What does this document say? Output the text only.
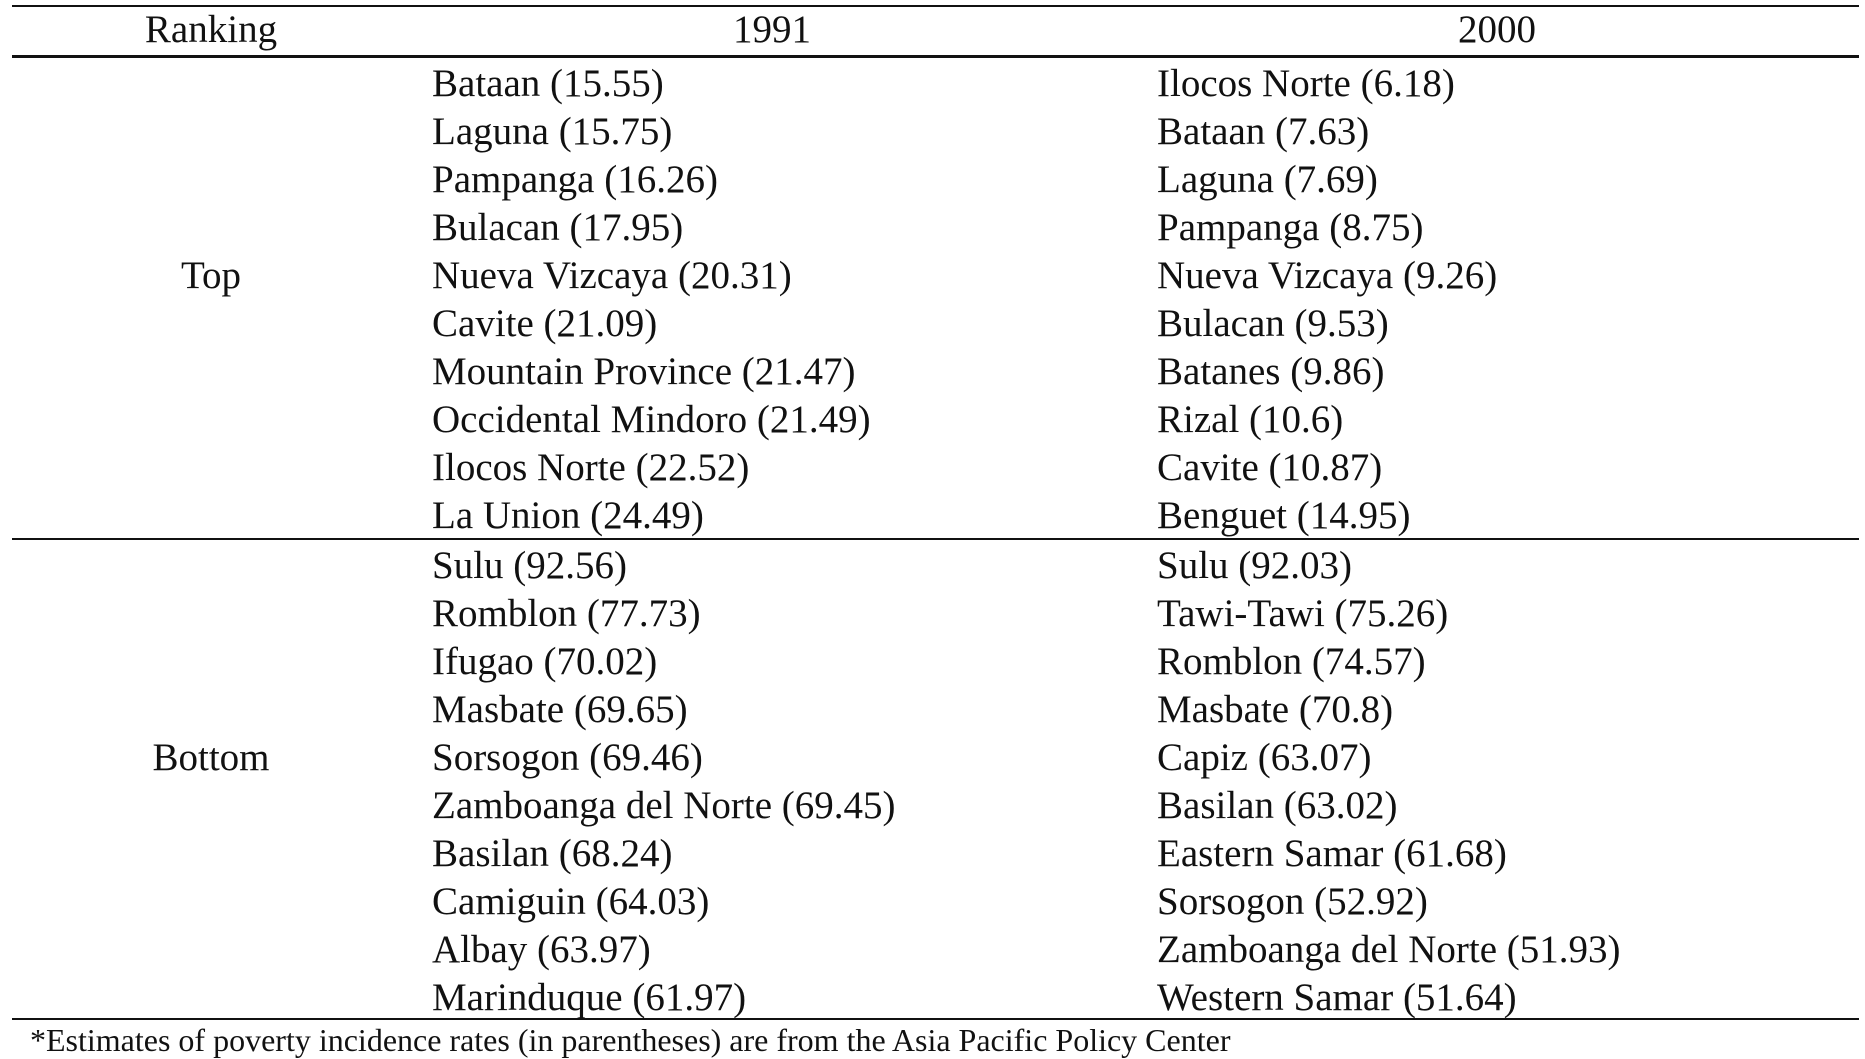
Ranking	1991	2000
Top
Bataan (15.55)
Laguna (15.75)
Pampanga (16.26)
Bulacan (17.95)
Nueva Vizcaya (20.31)
Cavite (21.09)
Mountain Province (21.47)
Occidental Mindoro (21.49)
Ilocos Norte (22.52)
La Union (24.49)
Ilocos Norte (6.18)
Bataan (7.63)
Laguna (7.69)
Pampanga (8.75)
Nueva Vizcaya (9.26)
Bulacan (9.53)
Batanes (9.86)
Rizal (10.6)
Cavite (10.87)
Benguet (14.95)
Bottom
Sulu (92.56)
Romblon (77.73)
Ifugao (70.02)
Masbate (69.65)
Sorsogon (69.46)
Zamboanga del Norte (69.45)
Basilan (68.24)
Camiguin (64.03)
Albay (63.97)
Marinduque (61.97)
Sulu (92.03)
Tawi-Tawi (75.26)
Romblon (74.57)
Masbate (70.8)
Capiz (63.07)
Basilan (63.02)
Eastern Samar (61.68)
Sorsogon (52.92)
Zamboanga del Norte (51.93)
Western Samar (51.64)
*Estimates of poverty incidence rates (in parentheses) are from the Asia Pacific Policy Center
